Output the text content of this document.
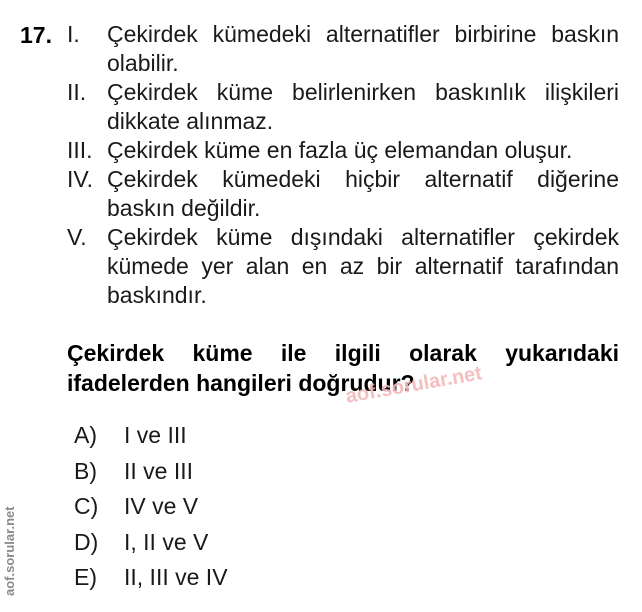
17. I.	Çekirdek kümedeki alternatifler birbirine baskın olabilir.
II. Çekirdek küme belirlenirken baskınlık ilişkileri dikkate alınmaz.
III. Çekirdek küme en fazla üç elemandan oluşur.
IV. Çekirdek kümedeki hiçbir alternatif diğerine baskın değildir.
V. Çekirdek küme dışındaki alternatifler çekirdek kümede yer alan en az bir alternatif tarafından baskındır.
Çekirdek küme ile ilgili olarak yukarıdaki ifadelerden hangileri doğrudur?
A)	I ve III
B)	II ve III
C)	IV ve V
D)	I, II ve V
E)	II, III ve IV
aof.sorular.net
aof.sorular.net
